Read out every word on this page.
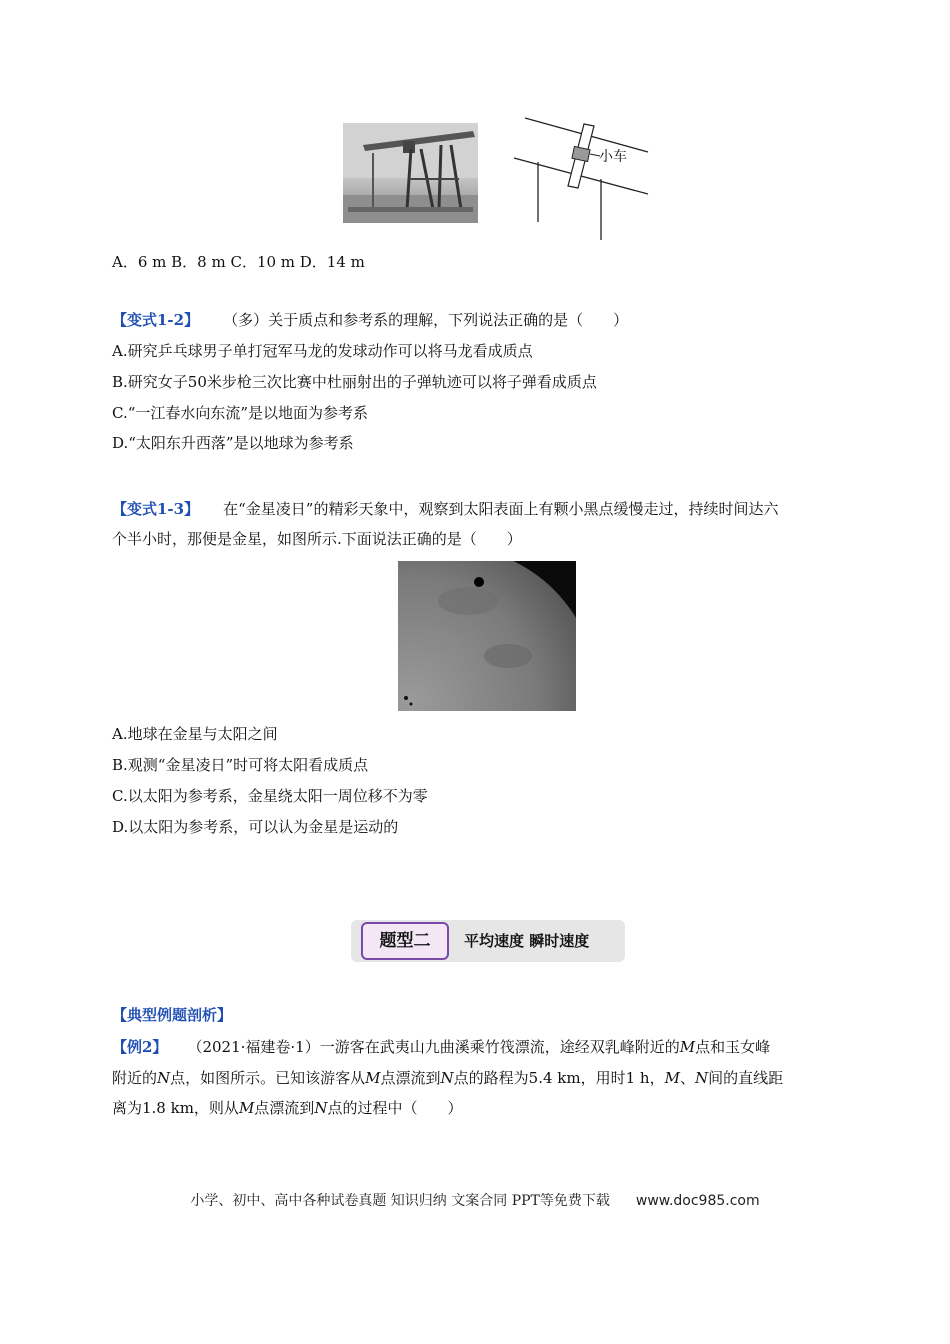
小车
A．6 m B．8 m C．10 m D．14 m
【变式1-2】 （多）关于质点和参考系的理解，下列说法正确的是（　　）
A.研究乒乓球男子单打冠军马龙的发球动作可以将马龙看成质点
B.研究女子50米步枪三次比赛中杜丽射出的子弹轨迹可以将子弹看成质点
C.“一江春水向东流”是以地面为参考系
D.“太阳东升西落”是以地球为参考系
【变式1-3】 在“金星凌日”的精彩天象中，观察到太阳表面上有颗小黑点缓慢走过，持续时间达六
个半小时，那便是金星，如图所示.下面说法正确的是（　　）
A.地球在金星与太阳之间
B.观测“金星凌日”时可将太阳看成质点
C.以太阳为参考系，金星绕太阳一周位移不为零
D.以太阳为参考系，可以认为金星是运动的
题型二	平均速度 瞬时速度
【典型例题剖析】
【例2】 （2021·福建卷·1）一游客在武夷山九曲溪乘竹筏漂流，途经双乳峰附近的M点和玉女峰
附近的N点，如图所示。已知该游客从M点漂流到N点的路程为5.4 km，用时1 h，M、N间的直线距
离为1.8 km，则从M点漂流到N点的过程中（　　）
小学、初中、高中各种试卷真题 知识归纳 文案合同 PPT等免费下载 www.doc985.com
